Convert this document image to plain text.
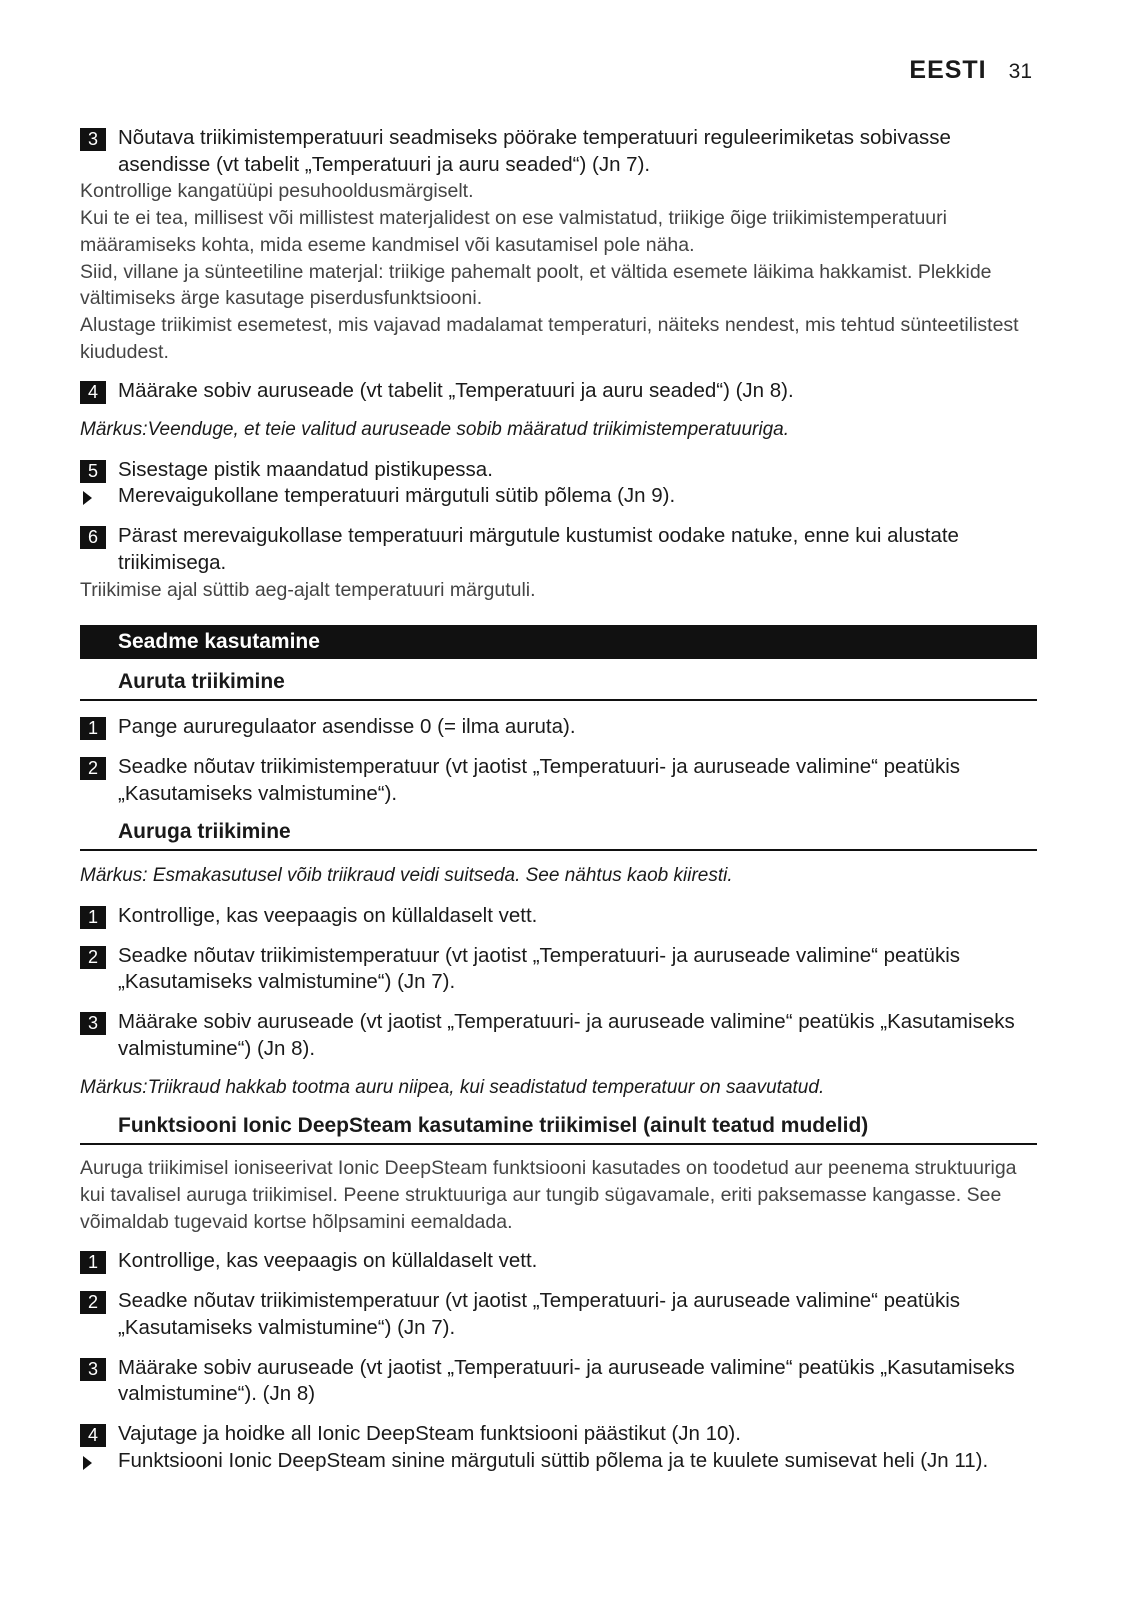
EESTI 31
3 Nõutava triikimistemperatuuri seadmiseks pöörake temperatuuri reguleerimiketas sobivasse asendisse (vt tabelit „Temperatuuri ja auru seaded“) (Jn 7).
Kontrollige kangatüüpi pesuhooldusmärgiselt.
Kui te ei tea, millisest või millistest materjalidest on ese valmistatud, triikige õige triikimistemperatuuri määramiseks kohta, mida eseme kandmisel või kasutamisel pole näha.
Siid, villane ja sünteetiline materjal: triikige pahemalt poolt, et vältida esemete läikima hakkamist. Plekkide vältimiseks ärge kasutage piserdusfunktsiooni.
Alustage triikimist esemetest, mis vajavad madalamat temperaturi, näiteks nendest, mis tehtud sünteetilistest kiududest.
4 Määrake sobiv auruseade (vt tabelit „Temperatuuri ja auru seaded“) (Jn 8).
Märkus:Veenduge, et teie valitud auruseade sobib määratud triikimistemperatuuriga.
5 Sisestage pistik maandatud pistikupessa.
Merevaigukollane temperatuuri märgutuli sütib põlema (Jn 9).
6 Pärast merevaigukollase temperatuuri märgutule kustumist oodake natuke, enne kui alustate triikimisega.
Triikimise ajal süttib aeg-ajalt temperatuuri märgutuli.
Seadme kasutamine
Auruta triikimine
1 Pange aururegulaator asendisse 0 (= ilma auruta).
2 Seadke nõutav triikimistemperatuur (vt jaotist „Temperatuuri- ja auruseade valimine“ peatükis „Kasutamiseks valmistumine“).
Auruga triikimine
Märkus: Esmakasutusel võib triikraud veidi suitseda. See nähtus kaob kiiresti.
1 Kontrollige, kas veepaagis on küllaldaselt vett.
2 Seadke nõutav triikimistemperatuur (vt jaotist „Temperatuuri- ja auruseade valimine“ peatükis „Kasutamiseks valmistumine“) (Jn 7).
3 Määrake sobiv auruseade (vt jaotist „Temperatuuri- ja auruseade valimine“ peatükis „Kasutamiseks valmistumine“) (Jn 8).
Märkus:Triikraud hakkab tootma auru niipea, kui seadistatud temperatuur on saavutatud.
Funktsiooni Ionic DeepSteam kasutamine triikimisel (ainult teatud mudelid)
Auruga triikimisel ioniseerivat Ionic DeepSteam funktsiooni kasutades on toodetud aur peenema struktuuriga kui tavalisel auruga triikimisel. Peene struktuuriga aur tungib sügavamale, eriti paksemasse kangasse. See võimaldab tugevaid kortse hõlpsamini eemaldada.
1 Kontrollige, kas veepaagis on küllaldaselt vett.
2 Seadke nõutav triikimistemperatuur (vt jaotist „Temperatuuri- ja auruseade valimine“ peatükis „Kasutamiseks valmistumine“) (Jn 7).
3 Määrake sobiv auruseade (vt jaotist „Temperatuuri- ja auruseade valimine“ peatükis „Kasutamiseks valmistumine“). (Jn 8)
4 Vajutage ja hoidke all Ionic DeepSteam funktsiooni päästikut (Jn 10).
Funktsiooni Ionic DeepSteam sinine märgutuli süttib põlema ja te kuulete sumisevat heli (Jn 11).
